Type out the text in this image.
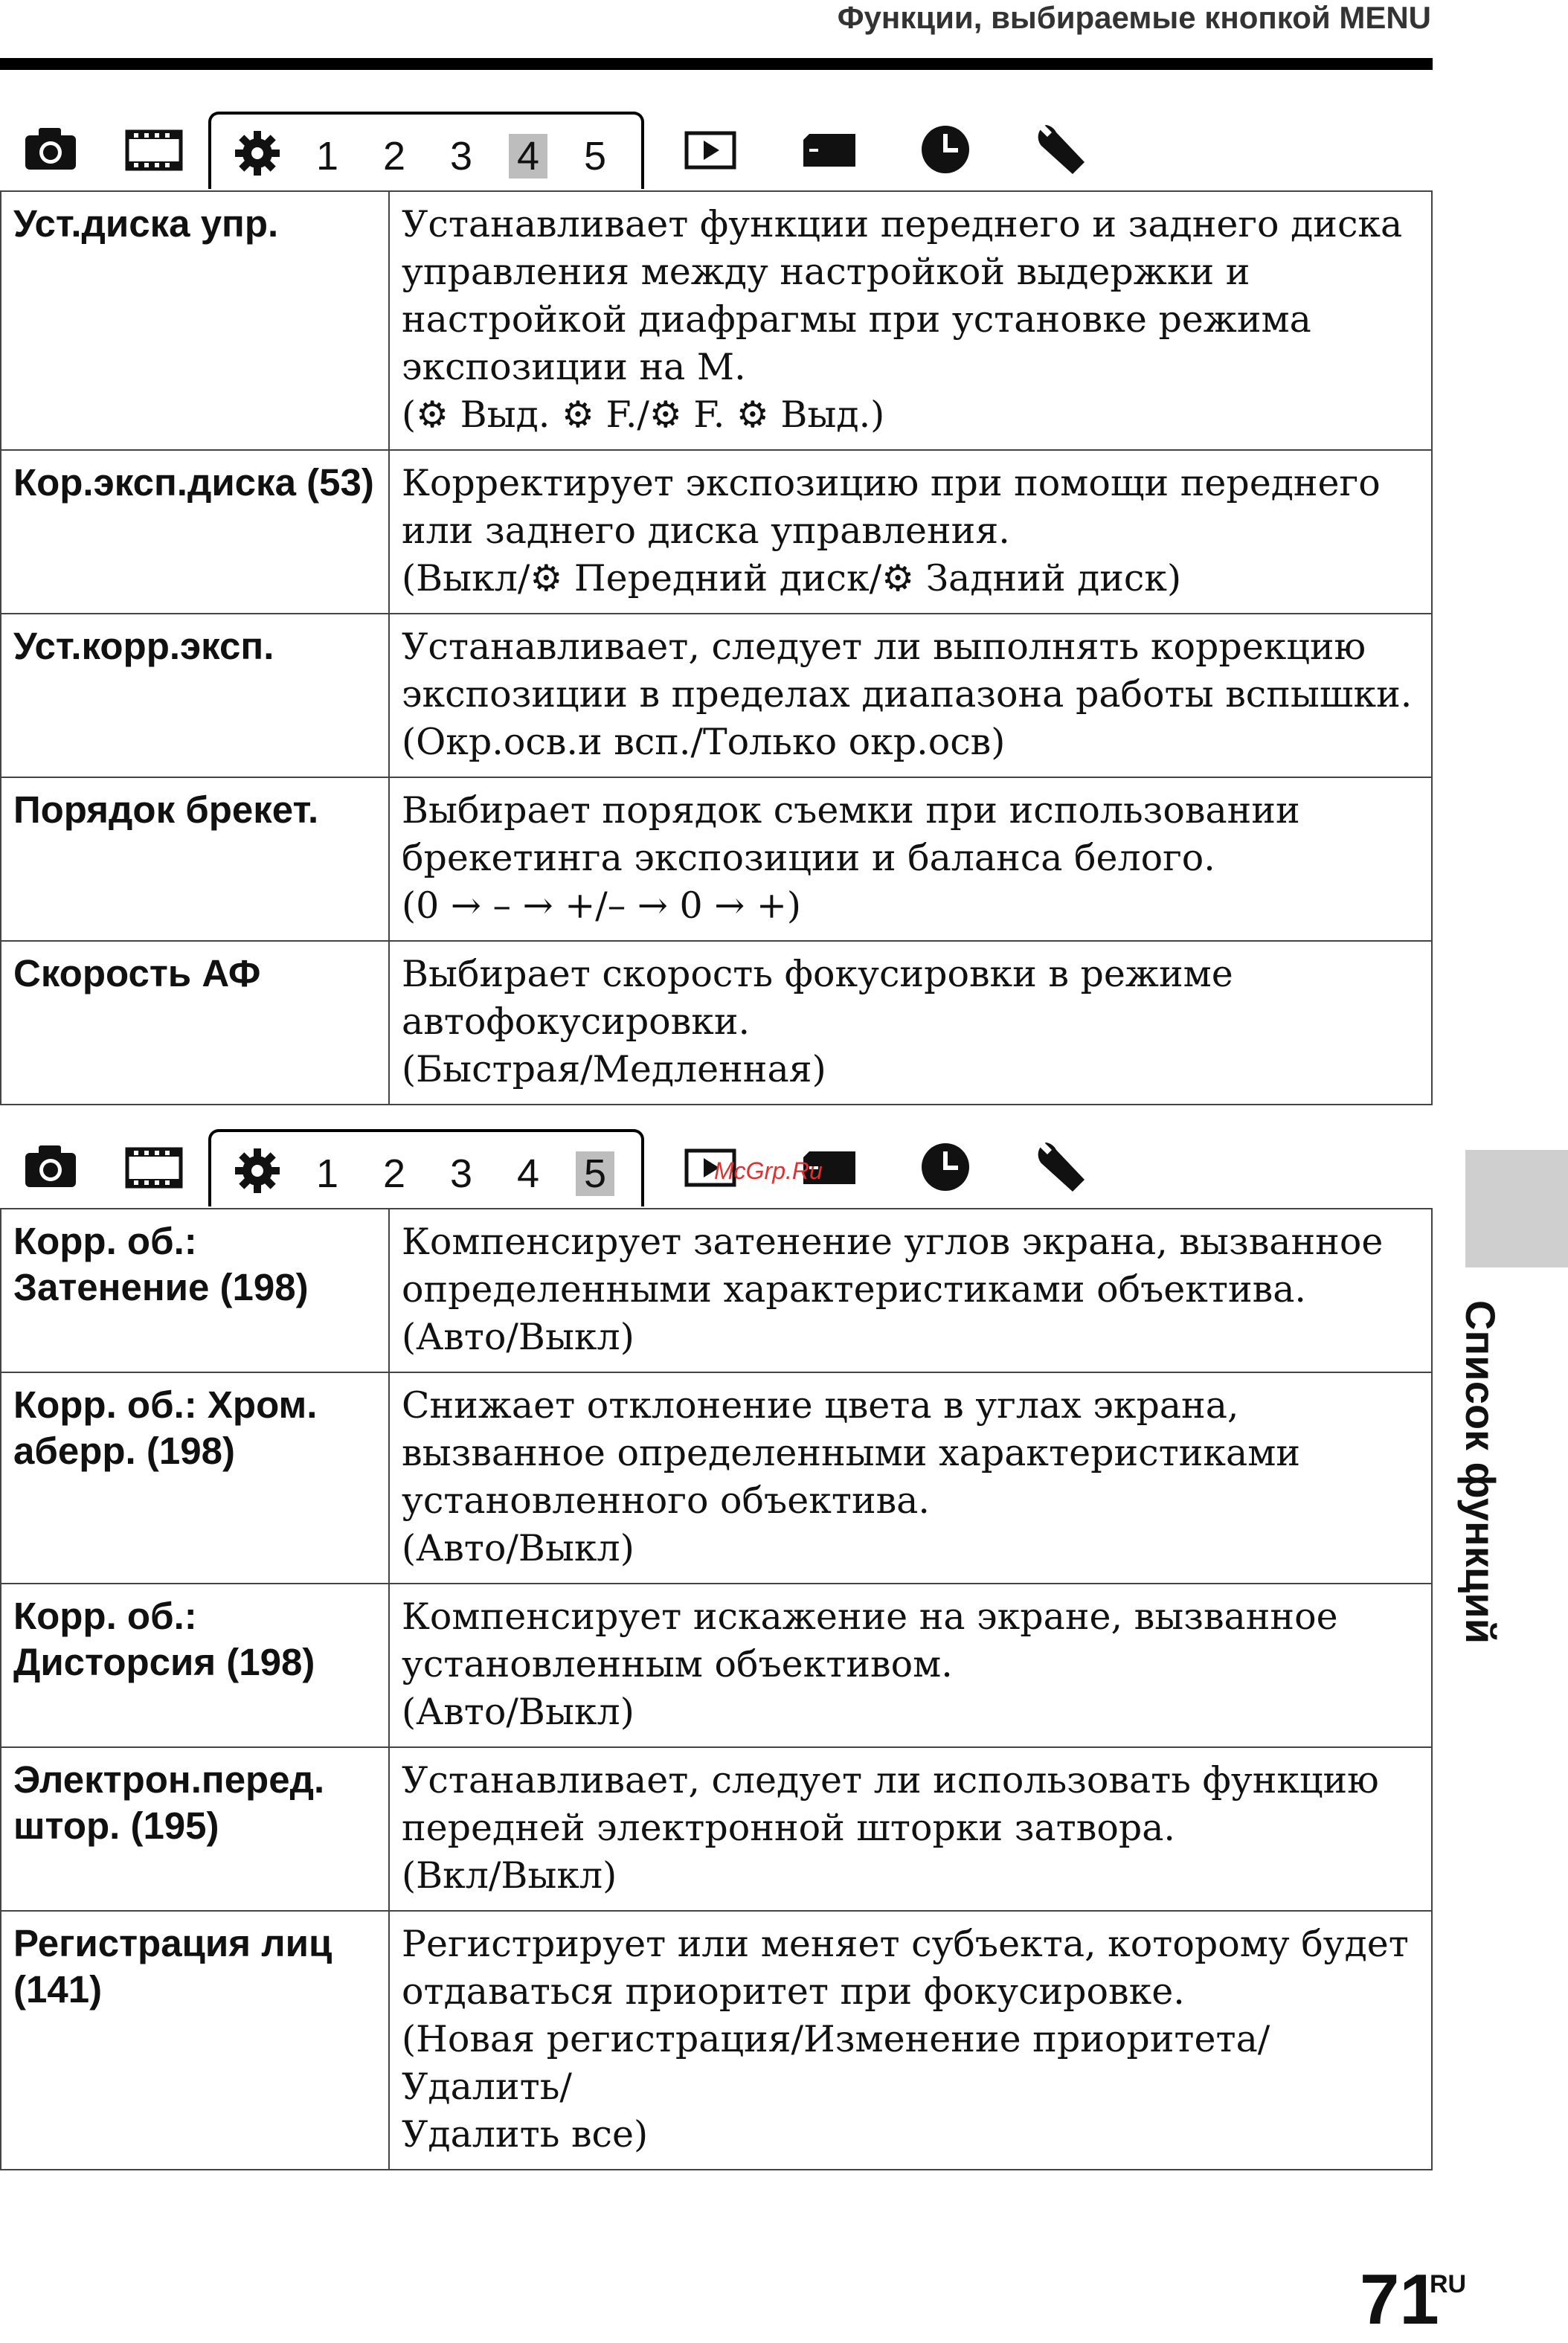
Функции, выбираемые кнопкой MENU
1 2 3 4 5
Уст.диска упр.	Устанавливает функции переднего и заднего диска
управления между настройкой выдержки и
настройкой диафрагмы при установке режима
экспозиции на M.
(⚙ Выд. ⚙ F./⚙ F. ⚙ Выд.)
Кор.эксп.диска (53)	Корректирует экспозицию при помощи переднего
или заднего диска управления.
(Выкл/⚙ Передний диск/⚙ Задний диск)
Уст.корр.эксп.	Устанавливает, следует ли выполнять коррекцию
экспозиции в пределах диапазона работы вспышки.
(Окр.осв.и всп./Только окр.осв)
Порядок брекет.	Выбирает порядок съемки при использовании
брекетинга экспозиции и баланса белого.
(0 → – → +/– → 0 → +)
Скорость АФ	Выбирает скорость фокусировки в режиме
автофокусировки.
(Быстрая/Медленная)
1 2 3 4 5	McGrp.Ru
Корр. об.: Затенение (198)	Компенсирует затенение углов экрана, вызванное
определенными характеристиками объектива.
(Авто/Выкл)
Корр. об.: Хром. аберр. (198)	Снижает отклонение цвета в углах экрана,
вызванное определенными характеристиками
установленного объектива.
(Авто/Выкл)
Корр. об.: Дисторсия (198)	Компенсирует искажение на экране, вызванное
установленным объективом.
(Авто/Выкл)
Электрон.перед. штор. (195)	Устанавливает, следует ли использовать функцию
передней электронной шторки затвора.
(Вкл/Выкл)
Регистрация лиц (141)	Регистрирует или меняет субъекта, которому будет
отдаваться приоритет при фокусировке.
(Новая регистрация/Изменение приоритета/Удалить/
Удалить все)
Список функций
71
RU
